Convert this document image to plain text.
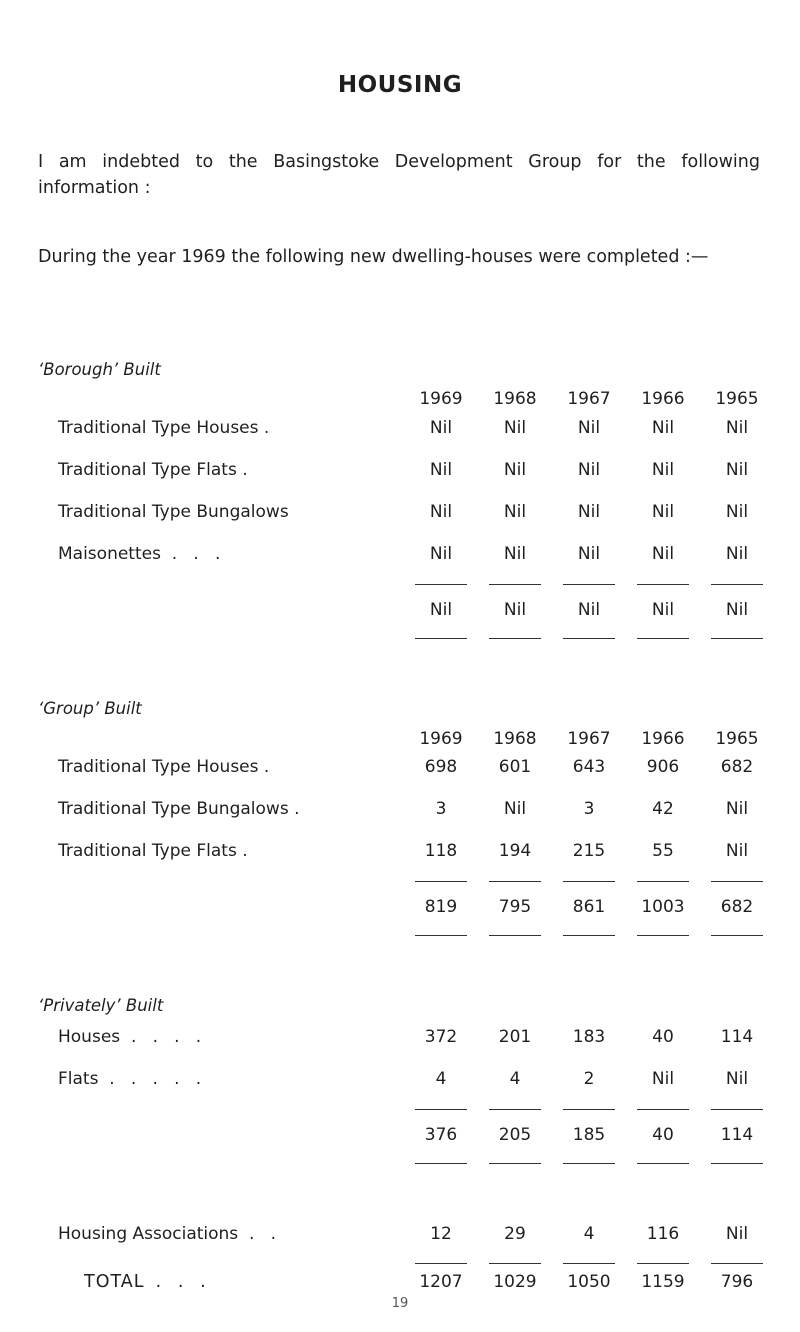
HOUSING
I am indebted to the Basingstoke Development Group for the following information :
During the year 1969 the following new dwelling-houses were completed :—
‘Borough’ Built
1969	1968	1967	1966	1965
Traditional Type Houses .	Nil	Nil	Nil	Nil	Nil
Traditional Type Flats .	Nil	Nil	Nil	Nil	Nil
Traditional Type Bungalows	Nil	Nil	Nil	Nil	Nil
Maisonettes  .   .   .	Nil	Nil	Nil	Nil	Nil
Nil	Nil	Nil	Nil	Nil
‘Group’ Built
1969	1968	1967	1966	1965
Traditional Type Houses .	698	601	643	906	682
Traditional Type Bungalows .	3	Nil	3	42	Nil
Traditional Type Flats .	118	194	215	55	Nil
819	795	861	1003	682
‘Privately’ Built
Houses  .   .   .   .	372	201	183	40	114
Flats  .   .   .   .   .	4	4	2	Nil	Nil
376	205	185	40	114
Housing Associations  .   .	12	29	4	116	Nil
TOTAL  .   .   .	1207	1029	1050	1159	796
19
